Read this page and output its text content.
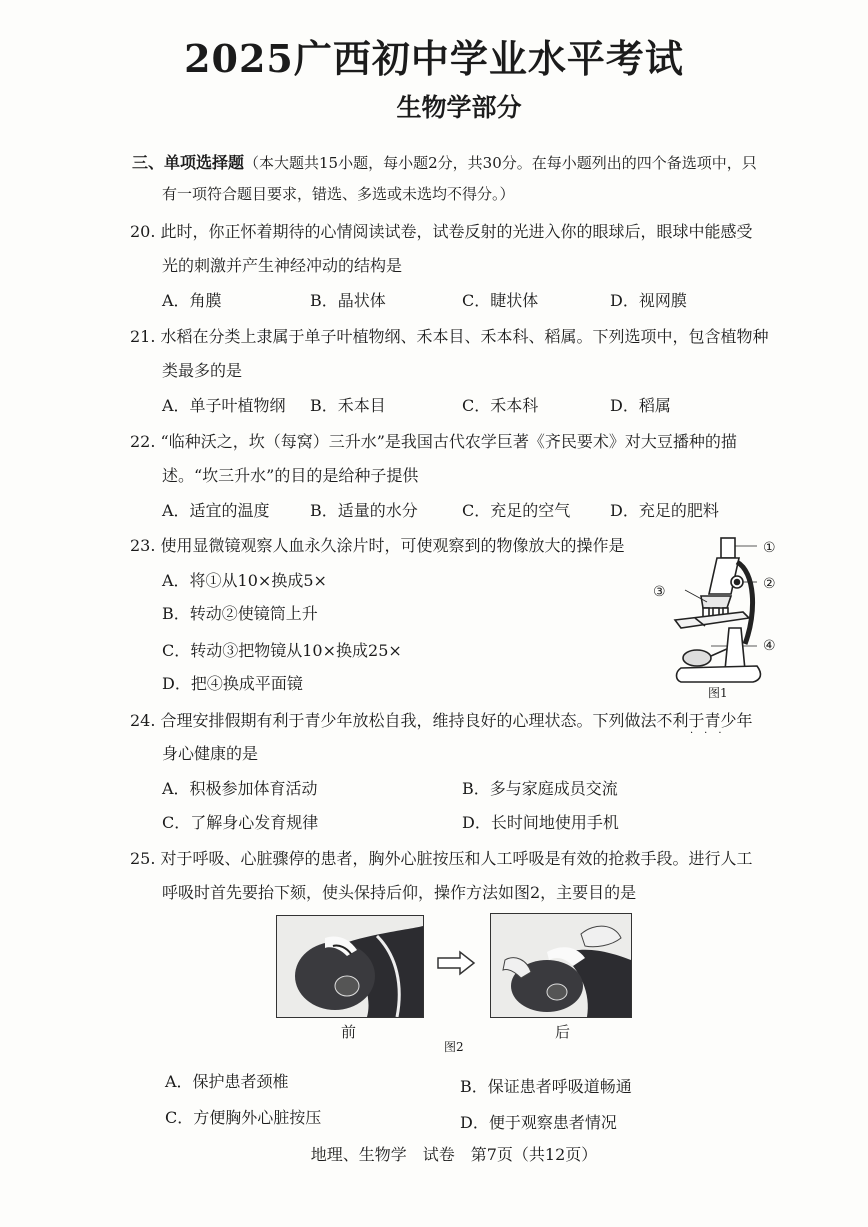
2025广西初中学业水平考试
生物学部分
三、单项选择题（本大题共15小题，每小题2分，共30分。在每小题列出的四个备选项中，只
有一项符合题目要求，错选、多选或未选均不得分。）
20. 此时，你正怀着期待的心情阅读试卷，试卷反射的光进入你的眼球后，眼球中能感受
光的刺激并产生神经冲动的结构是
A．角膜	B．晶状体	C．睫状体	D．视网膜
21. 水稻在分类上隶属于单子叶植物纲、禾本目、禾本科、稻属。下列选项中，包含植物种
类最多的是
A．单子叶植物纲 B．禾本目	C．禾本科	D．稻属
22. “临种沃之，坎（每窝）三升水”是我国古代农学巨著《齐民要术》对大豆播种的描
述。“坎三升水”的目的是给种子提供
A．适宜的温度	B．适量的水分	C．充足的空气 D．充足的肥料
23. 使用显微镜观察人血永久涂片时，可使观察到的物像放大的操作是
A．将①从10×换成5×
B．转动②使镜筒上升
C．转动③把物镜从10×换成25×
D．把④换成平面镜
①
②
③
④
图1
24. 合理安排假期有利于青少年放松自我，维持良好的心理状态。下列做法不利于青少年
···
身心健康的是
A．积极参加体育活动	B．多与家庭成员交流
C．了解身心发育规律	D．长时间地使用手机
25. 对于呼吸、心脏骤停的患者，胸外心脏按压和人工呼吸是有效的抢救手段。进行人工
呼吸时首先要抬下颏，使头保持后仰，操作方法如图2，主要目的是
前	后
图2
A．保护患者颈椎	B．保证患者呼吸道畅通
C．方便胸外心脏按压	D．便于观察患者情况
地理、生物学　试卷　第7页（共12页）
